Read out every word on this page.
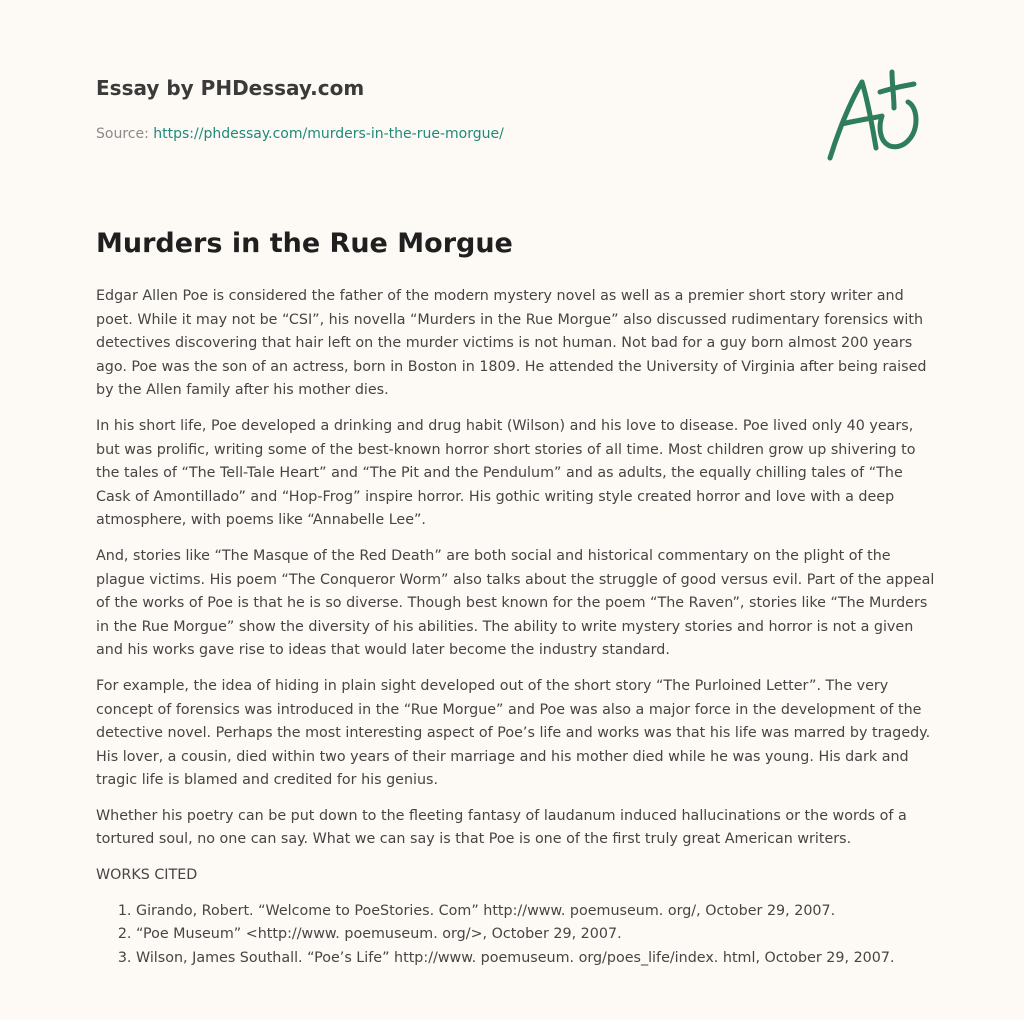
Essay by PHDessay.com
Source: https://phdessay.com/murders-in-the-rue-morgue/
Murders in the Rue Morgue

Edgar Allen Poe is considered the father of the modern mystery novel as well as a premier short story writer and poet. While it may not be “CSI”, his novella “Murders in the Rue Morgue” also discussed rudimentary forensics with detectives discovering that hair left on the murder victims is not human. Not bad for a guy born almost 200 years ago. Poe was the son of an actress, born in Boston in 1809. He attended the University of Virginia after being raised by the Allen family after his mother dies.

In his short life, Poe developed a drinking and drug habit (Wilson) and his love to disease. Poe lived only 40 years, but was prolific, writing some of the best-known horror short stories of all time. Most children grow up shivering to the tales of “The Tell-Tale Heart” and “The Pit and the Pendulum” and as adults, the equally chilling tales of “The Cask of Amontillado” and “Hop-Frog” inspire horror. His gothic writing style created horror and love with a deep atmosphere, with poems like “Annabelle Lee”.

And, stories like “The Masque of the Red Death” are both social and historical commentary on the plight of the plague victims. His poem “The Conqueror Worm” also talks about the struggle of good versus evil. Part of the appeal of the works of Poe is that he is so diverse. Though best known for the poem “The Raven”, stories like “The Murders in the Rue Morgue” show the diversity of his abilities. The ability to write mystery stories and horror is not a given and his works gave rise to ideas that would later become the industry standard.

For example, the idea of hiding in plain sight developed out of the short story “The Purloined Letter”. The very concept of forensics was introduced in the “Rue Morgue” and Poe was also a major force in the development of the detective novel. Perhaps the most interesting aspect of Poe’s life and works was that his life was marred by tragedy. His lover, a cousin, died within two years of their marriage and his mother died while he was young. His dark and tragic life is blamed and credited for his genius.

Whether his poetry can be put down to the fleeting fantasy of laudanum induced hallucinations or the words of a tortured soul, no one can say. What we can say is that Poe is one of the first truly great American writers.

WORKS CITED

1. Girando, Robert. “Welcome to PoeStories. Com” http://www. poemuseum. org/, October 29, 2007.
2. “Poe Museum” <http://www. poemuseum. org/>, October 29, 2007.
3. Wilson, James Southall. “Poe’s Life” http://www. poemuseum. org/poes_life/index. html, October 29, 2007.
